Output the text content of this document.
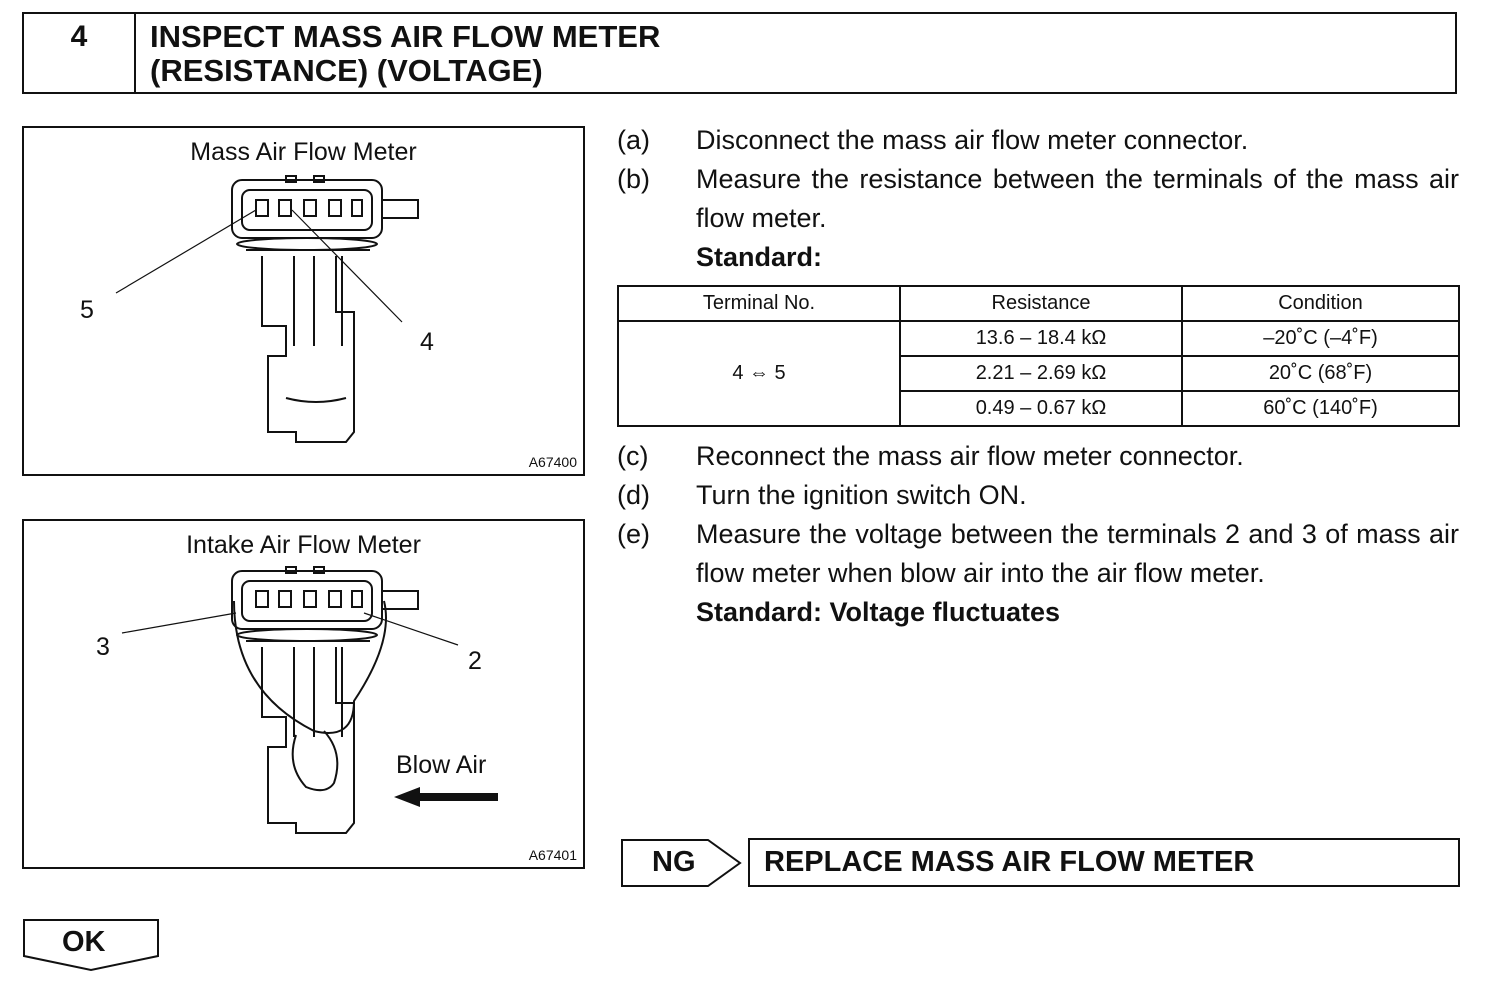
4	INSPECT MASS AIR FLOW METER
(RESISTANCE) (VOLTAGE)
Mass Air Flow Meter
5
4
A67400
Intake Air Flow Meter
3	2
Blow Air
A67401
(a)	Disconnect the mass air flow meter connector.
(b)	Measure the resistance between the terminals of the mass air flow meter.
Standard:
Terminal No.	Resistance	Condition
4 ⇔ 5	13.6 – 18.4 kΩ	–20˚C (–4˚F)
	2.21 – 2.69 kΩ	20˚C (68˚F)
	0.49 – 0.67 kΩ	60˚C (140˚F)
(c)	Reconnect the mass air flow meter connector.
(d)	Turn the ignition switch ON.
(e)	Measure the voltage between the terminals 2 and 3 of mass air flow meter when blow air into the air flow meter.
Standard: Voltage fluctuates
NG	REPLACE MASS AIR FLOW METER
OK
